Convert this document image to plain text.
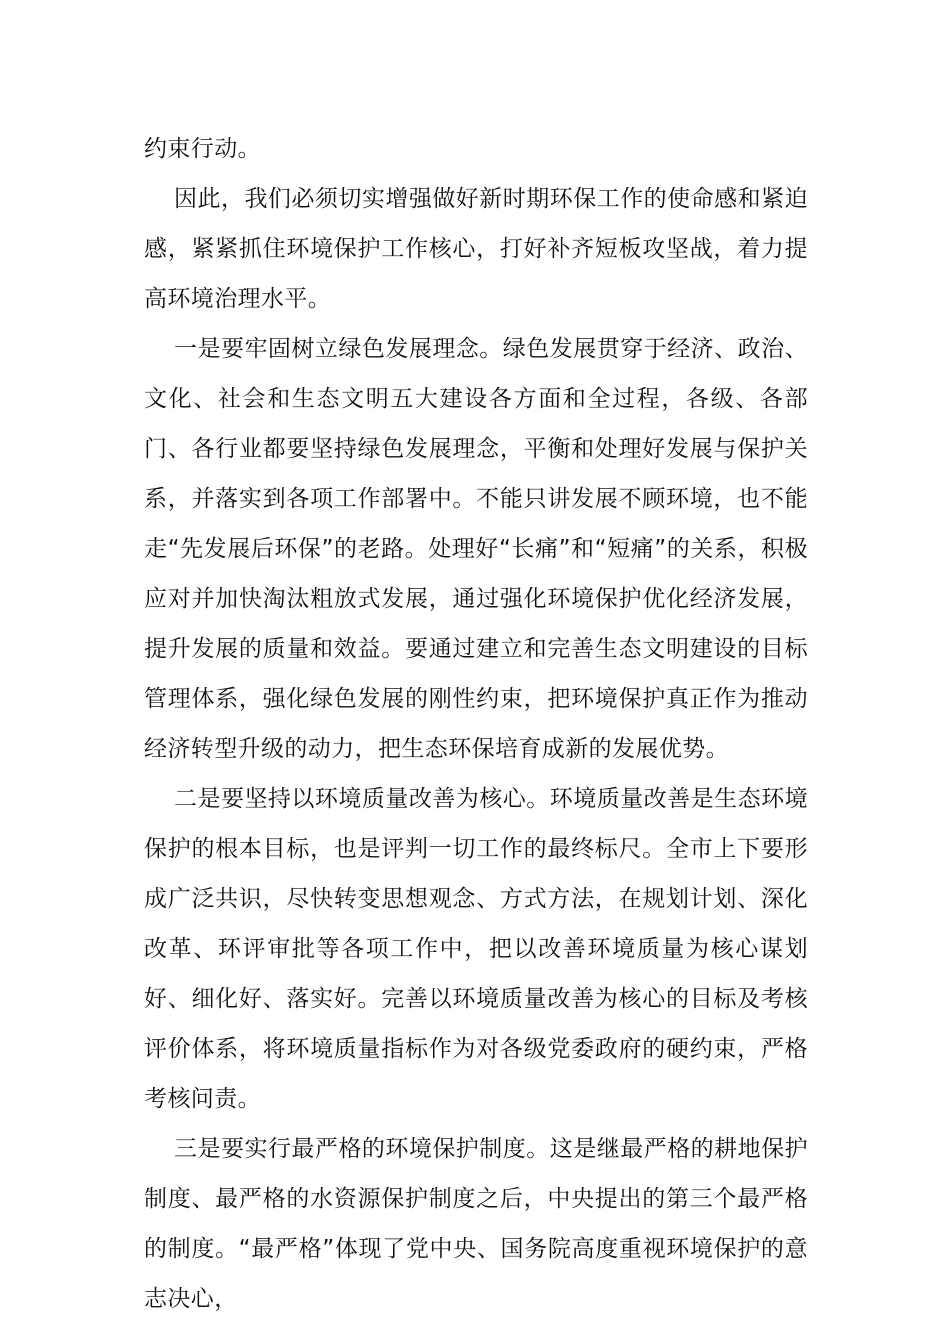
约束行动。

因此，我们必须切实增强做好新时期环保工作的使命感和紧迫感，紧紧抓住环境保护工作核心，打好补齐短板攻坚战，着力提高环境治理水平。

一是要牢固树立绿色发展理念。绿色发展贯穿于经济、政治、文化、社会和生态文明五大建设各方面和全过程，各级、各部门、各行业都要坚持绿色发展理念，平衡和处理好发展与保护关系，并落实到各项工作部署中。不能只讲发展不顾环境，也不能走“先发展后环保”的老路。处理好“长痛”和“短痛”的关系，积极应对并加快淘汰粗放式发展，通过强化环境保护优化经济发展，提升发展的质量和效益。要通过建立和完善生态文明建设的目标管理体系，强化绿色发展的刚性约束，把环境保护真正作为推动经济转型升级的动力，把生态环保培育成新的发展优势。

二是要坚持以环境质量改善为核心。环境质量改善是生态环境保护的根本目标，也是评判一切工作的最终标尺。全市上下要形成广泛共识，尽快转变思想观念、方式方法，在规划计划、深化改革、环评审批等各项工作中，把以改善环境质量为核心谋划好、细化好、落实好。完善以环境质量改善为核心的目标及考核评价体系，将环境质量指标作为对各级党委政府的硬约束，严格考核问责。

三是要实行最严格的环境保护制度。这是继最严格的耕地保护制度、最严格的水资源保护制度之后，中央提出的第三个最严格的制度。“最严格”体现了党中央、国务院高度重视环境保护的意志决心，
